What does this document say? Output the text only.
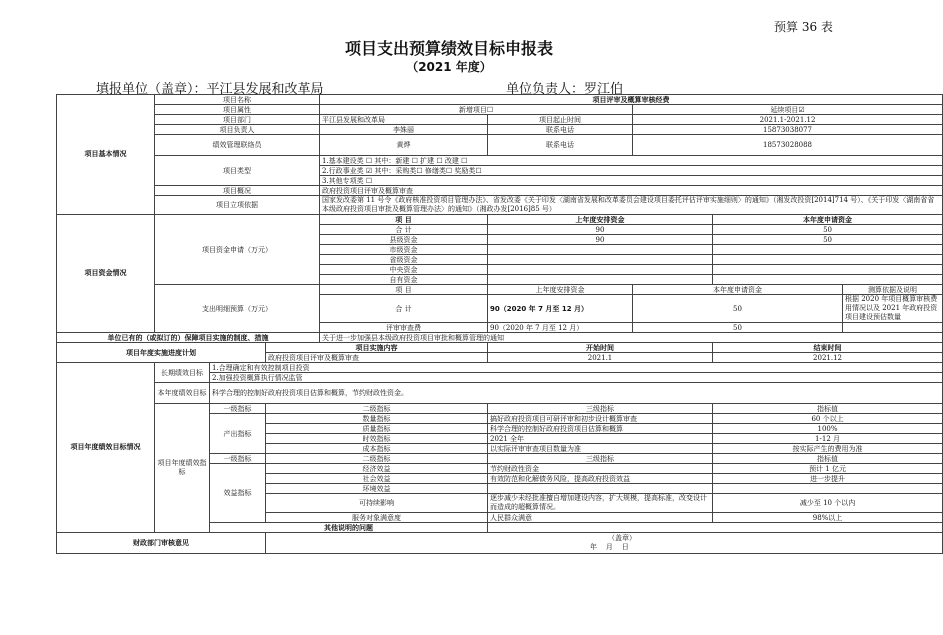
预算 36 表
项目支出预算绩效目标申报表
（2021 年度）
填报单位（盖章）：平江县发展和改革局	单位负责人：罗江伯
项目基本情况	项目名称			项目评审及概算审核经费				
	项目属性			新增项目☐		延续项目☑		
	项目部门			平江县发展和改革局	项目起止时间	2021.1-2021.12		
	项目负责人			李姝丽	联系电话	15873038077		
	绩效管理联络员			黄烨	联系电话	18573028088		
	项目类型			1.基本建设类 ☐ 其中：新建 ☐ 扩建 ☐ 改建 ☐				
				2.行政事业类 ☑ 其中：采购类☐ 修缮类☐ 奖励类☐				
				3.其他专项类 ☐				
	项目概况			政府投资项目评审及概算审查				
	项目立项依据			国家发改委第 11 号令《政府核准投资项目管理办法》、省发改委《关于印发〈湖南省发展和改革委员会建设项目委托评估评审实施细则〉的通知》（湘发改投资[2014]714 号）、《关于印发〈湖南省省本级政府投资项目审批及概算管理办法〉的通知》（湘政办发[2016]85 号）				

项目资金情况	项目资金申请（万元）			项 目	上年度安排资金		本年度申请资金	
				合 计	90		50	
				县级资金	90		50	
				市级资金				
				省级资金				
				中央资金				
				自有资金				
	支出明细预算（万元）			项 目	上年度安排资金	本年度申请资金		测算依据及说明
				合 计	90（2020 年 7 月至 12 月）	50		根据 2020 年项目概算审核费用情况以及 2021 年政府投资项目建设预估数量

				评审审查费	90（2020 年 7 月至 12 月）	50		
单位已有的（或拟订的）保障项目实施的制度、措施				关于进一步加强县本级政府投资项目审批和概算管理的通知				
项目年度实施进度计划			项目实施内容		开始时间		结束时间	
			政府投资项目评审及概算审查		2021.1		2021.12	
项目年度绩效目标情况	长期绩效目标	1.合理确定和有效控制项目投资						
		2.加强投资概算执行情况监管						
	本年度绩效目标	科学合理的控制好政府投资项目估算和概算，节约财政性资金。						
	项目年度绩效指标	一级指标	二级指标		三级指标		指标值	
		产出指标	数量指标		搞好政府投资项目可研评审和初步设计概算审查		60 个以上	
			质量指标		科学合理的控制好政府投资项目估算和概算		100%	
			时效指标		2021 全年		1-12 月	
			成本指标		以实际评审审查项目数量为准		按实际产生的费用为准	
		一级指标	二级指标		三级指标		指标值	
		效益指标	经济效益		节约财政性资金		预计 1 亿元	
			社会效益		有效防范和化解债务风险，提高政府投资效益		进一步提升	
			环境效益					
			可持续影响		逐步减少未经批准擅自增加建设内容，扩大规模，提高标准，改变设计而造成的超概算情况。		减少至 10 个以内	

			服务对象满意度		人民群众满意		98%以上	
		其他说明的问题						
财政部门审核意见			（盖章）
年    月    日					
